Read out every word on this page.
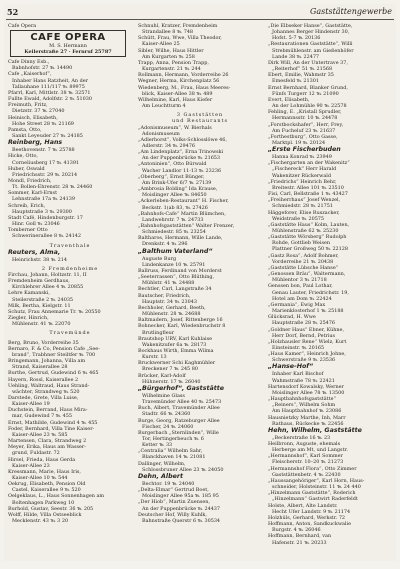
52	Gaststättengewerbe
Cafe Opera
CAFE OPERA
M. S. Hermann
Keilerstraße 27 · Fernruf 25787
Cafe Dinny Esb.,
Babnhofstr. 27 ℡ 14490
Cafe „Kaiserhof“,
Inhaber Hans Ratzheit, An der
Tallauhane 111/117 ℡ 89975
Pfarrl, Karl, Mittlstr. 38 ℡ 32571
Fullte Ewald, Adolfstr. 2 ℡ 51030
Freimuth, Fritz,
Dietzstr. 37 ℡ 27040
Heinisch, Elisabeth,
Hohe Street 28 ℡ 21169
Pamsta, Otto,
Sankt Leyeuder 27 ℡ 24185
Reinberg, Hans
Beethovenstr. 7 ℡ 25788
Hicke, Otto,
Corneliusberg 17 ℡ 41391
Huber, Oswald
Friedrichsstr. 29 ℡ 20214
Mondl, Friedrich,
Tt. Bollen-Ehrenstr. 28 ℡ 24460
Sommer, Karl-Ernst
Lehnstraße 17a ℡ 24139
Schreib, Erich,
Hauptstraße 3 ℡ 29300
Stadt Café, Hindenburgstr. 17
Hinr. Goll ℡ 23046
Tomberner Otto
Schwerinerallee 8 ℡ 24142
Traventhale
Reuters, Alma,
Heinrichstr. 38 ℡ 214
2 Fremdenheime
Firchau, Johann, Holtzstr. 11, II
Fremdenheim Gerdhaus,
Kirchlehrer Allee 4 ℡ 20855
Lehre Kamanski,
Steilerstraße 2 ℡ 24035
Milk, Bertha, Kielgstr. 11
Schutz, Frau Annemarie Tr. ℡ 20550
Ziegler, Hinrich,
Mühlenstr. 41 ℡ 22070
Travemünde
Berg, Bruno, Vorderreihe 35
Bernaro, F. & Co, Pension Cafe „See-
brand“, Trabhner Steiltfer ℡ 700
Bringemann, Johanna, Villa am
Strand, Kaiserallee 28
Burthe, Gertrud, Gudewind 6 ℡ 465
Hayern, Rossl, Kaiserallee 2
Uehling, Waltraud, Haus Strand-
wächter, Strandweg ℡ 520
Darstede, Grete, Villa Luise,
Kaiser-Allee 19
Duchstein, Berrand, Haus Mira-
mar, Gudewind 7 ℡ 455
Ernst, Mathilde, Gudewind 4 ℡ 455
Foder, Bernhard, Villa Tine Kaiser-
Kaiser-Allee 23 ℡ 585
Martensen, Clara, Strandweg 2
Meyer, Erika, Haus am Wasser-
grund, Fuldastr. 72
Hirsel, Frieda, Haus Gerda
Kaiser-Allee 23
Kressmann, Marie, Haus Iris,
Kaiser-Allee 10 ℡ 544
Oekrug, Elisabeth, Pension Old
Castel, Kaiserallee 9 ℡ 520
Oelgeklaus, L., Haus Sonnenhagen am
Boltenhagen Parkweg 10
Burhold, Gustav, Seestr. 36 ℡ 205
Wolff, Hilde, Villa Ostseeblick
Mecklenstr. 43 ℡ 3 20
Schnuhl, Kratzer, Fremdenheim
Strandallee 8 ℡ 748
Schütt, Frau, Wwe, Villa Theodor,
Kaiser-Allee 25
Sibler, Wilhe, Haus Hittler
Am Kurgarten ℡ 258
Trapp, Anna, Pension Trapp,
Kurgartenstr. 21 ℡ 244
Rollmann, Hermann, Vorderreihe 26
Wegner, Herma, Kirchenplatz 56
Wiedenberg, M., Frau, Haus Meeres-
blick, Kaiser-Allee 38 ℡ 489
Wilhelmine, Karl, Haus Kiefer
Am Leuchtturm 4
3 Gaststätten
und Restaurants
„Adonismuseum“, W. Bierhals
Adonismuseum
„Adlerhorst“, Volks-Schlosslöwe 46,
Adlerstr. 34 ℡ 29476
„Am Lindenplatz“, Erna Trinowski
An der Puppenbrücke ℡ 21653
„Antoninien“, Otto Bürwald
Wacher Landlor 11-13 ℡ 23236
„Oberberg“, Ernst Bünger,
Am Brink-Ufer 6/7 ℡ 27139
„Ambrosia Bolding“ Ida Krause,
Moislinger Allee ℡ 84650
„Ackerleben-Restaurant“ H. Fischer,
Beckstr. 1(ab 83, ℡ 27426
„Bahnhofs-Cafe“ Martin Blümchen,
Landwehrstr. 7 ℡ 24733
„Bahnhofsgaststätten“ Walter Frenzer,
Schmiedestr. 85 ℡ 23254
Baltharos, Hermann, Wille Lande,
Drenkstr. 4 ℡ 296
„Balthum Vaterland“
Auguste Burg
Lindenkanze 10 ℡ 25791
Ballruss, Ferdinand von Morderst
„Seeterrassen“, Otto Blüthing,
Mühlstr. 41 ℡ 24488
Bechtler, Carl, Langstraße 34
Bautscher, Friedrich,
Hauptstr. 34 ℡ 23043
Bechholer, Gerhard, Beeth,
Mühlenstr. 28 ℡ 24688
Baltmadern, Josef, Rittenberge 16
Bohnecker, Karl, Wiedenbruchstr 8
Brutlingfleur
Brautshop URV, Karl Kuhlaise
Wakenitzufer 6a ℡ 28173
Bockhaus Wirth, Emma Wilma
Kurstr. 13
Bruckwerner Schi Kaghmühler
Breckener 7 ℡ 245 80
Brücker, Karl-Adolf
Hühnerstr. 17 ℡ 26040
„Bürgerhof“, Gaststätte
Wilhelmine Glass
Travemünder Allee 40 ℡ 25473
Buch, Albert, Travemünder Allee
Stadtr. 66 ℡ 24360
Burge, Georg, Ratzeburger Allee
Fischer, 24 ℡ 24060
Burgerbach „Sternlinden“, Wille
Tor, Hertingerbeuch ℡ 6
Ketter ℡ 33
„Centralia“ Wilhelm Sahr,
Blanckhaven 14 ℡ 21081
Dallinger, Wilhelm,
Schlossbruner Allee 23 ℡ 24050
Dehn, Albert
Bechtor. 19 ℡ 24040
„Delta-Elmar“ Gertrud Boet,
Moislinger Allee 95a ℡ 185 95
„Der Hiob“, Martin Zuensen,
An der Puppenbrücke ℡ 24437
Deutscher Hof, Willy Kuhlk,
Bahnstraße Querstr 6 ℡ 30534
„Die Elbseker Hanse“, Gaststätte,
Johannes Berger Hindenstr 30,
Hofst. 5-7 ℡ 20136
„Restaurationen Gaststätte“, Willi
Strebmühlenstr. am Gießenhöfer
Lande 38 ℡ 22477
Dirk Will, An der Untertrave 37,
„Reiterhof“ 51 ℡ 21568
Ebert, Emilie, Wahmstr 35
Emesfeld ℡ 21301
Ernst Bernhard, Blanker Grund,
Fünfs Turgerr 12 ℡ 21090
Evert, Elisabeth,
An der Lohmühle 90 ℡ 22578
Fehling, E. „Kristall Sprudler,
Hermannsstr. 10 ℡ 24478
„Forstbockshafer“, Herr, Frey,
Am Fucheluf 23 ℡ 21637
„Forthestburg“, Otto Gasse,
Marktpl. 19 ℡ 20124
„Erste Fischerbuden
Hanna Konrad ℡ 23949
„Fischergarten an der Wakenitz“
„Fischereck“ Herr Harald
Wakenitzer Rückerwald
„Friedrichs“ Heinrich Behr,
Breitestr. Allee 101 ℡ 23510
Fisi, Carl, Bellstraße 1 ℡ 43427
„Freiherrhaus“ Josef Wenzel,
Schmiedstr. 28 ℡ 21751
Häggeforer, Elise Ruszacker,
Weidstraße ℡ 20575
„Gaststätte Haus“ Kolm, Lauten,
Mühlenstraße 62 ℡ 25230
„Gaststätte Wörsberg“ Rudolph
Rohde, Gottlieb Weisen
Plattner Großweg 50 ℡ 22128
„Gastz Rosa“, Adolf Bohmer,
Vorderreihe 21 ℡ 20438
„Gaststätte Lübsche Hanse“
„Genossen Bräu“, Waltermann,
Mühlentor 3 ℡ 21718
Genssen bon, Paul Lothar,
Genau Lauter, Friedrichstr. 19,
Hotel am Dom ℡ 22424
„Germania“, Ewig Max
Marienklosterhof 1 ℡ 25188
Glücksrad, H. Wwe
Hauptstraße 28 ℡ 25476
„Goldner Haus“ Ebner, Kühne,
Herr Dorf, Bernd, Petrius
„Holzhausler Rene“ Wielz, Kurt
Einsteinstr. ℡ 20165
„Haus Kamer“, Heinrich Johne,
Schwerstraße 9 ℡ 23536
„Hanse-Hof“
Inhaber Karl Bischof
Wahmstraße 78 ℡ 22421
Hartensdorf Kowalsky, Werner
Moislinger Allee 78 ℡ 13500
„Hauptbahnhofsgaststätte“
„Reiners“, Wilhelm Sohm
Am Hauptbahnhof ℡ 23086
Hausnietzky Marthe, Inh, Marr
Rathaus, Rückecke ℡ 22456
Hehn, Wilhelm, Gaststätte
„Beckerstraße 16 ℡ 23
Heilbronn, Auguste, ehemals
Herberge am Mt, und Langstr.
„Hermannshof“, Karl Sommer
Fleischerstr. 10–20 ℡ 21273
„Hermannshof Flora“, Otto Zimmer
Gaststättenbetr. 4 ℡ 22430
„Haussangehöriger“, Karl Horn, Haus-
schneider, Holsteinstr. 11 ℡ 24 440
„Hinzelmann Gaststätte“, Roderich
„Hinzelmann“ Gastwirt Raderfeldt
Holste, Albert, Alte Landstr.
Hecht Ufer Landstr. 9 ℡ 21174
Holzhüls, Gerhard, Werkstr. 72
Hoffmann, Anton, Sandkuckwalie
Burgstr. 4 ℡ 26046
Hoffmann, Bernhard, van
Hafenstr. 21 ℡ 20233
